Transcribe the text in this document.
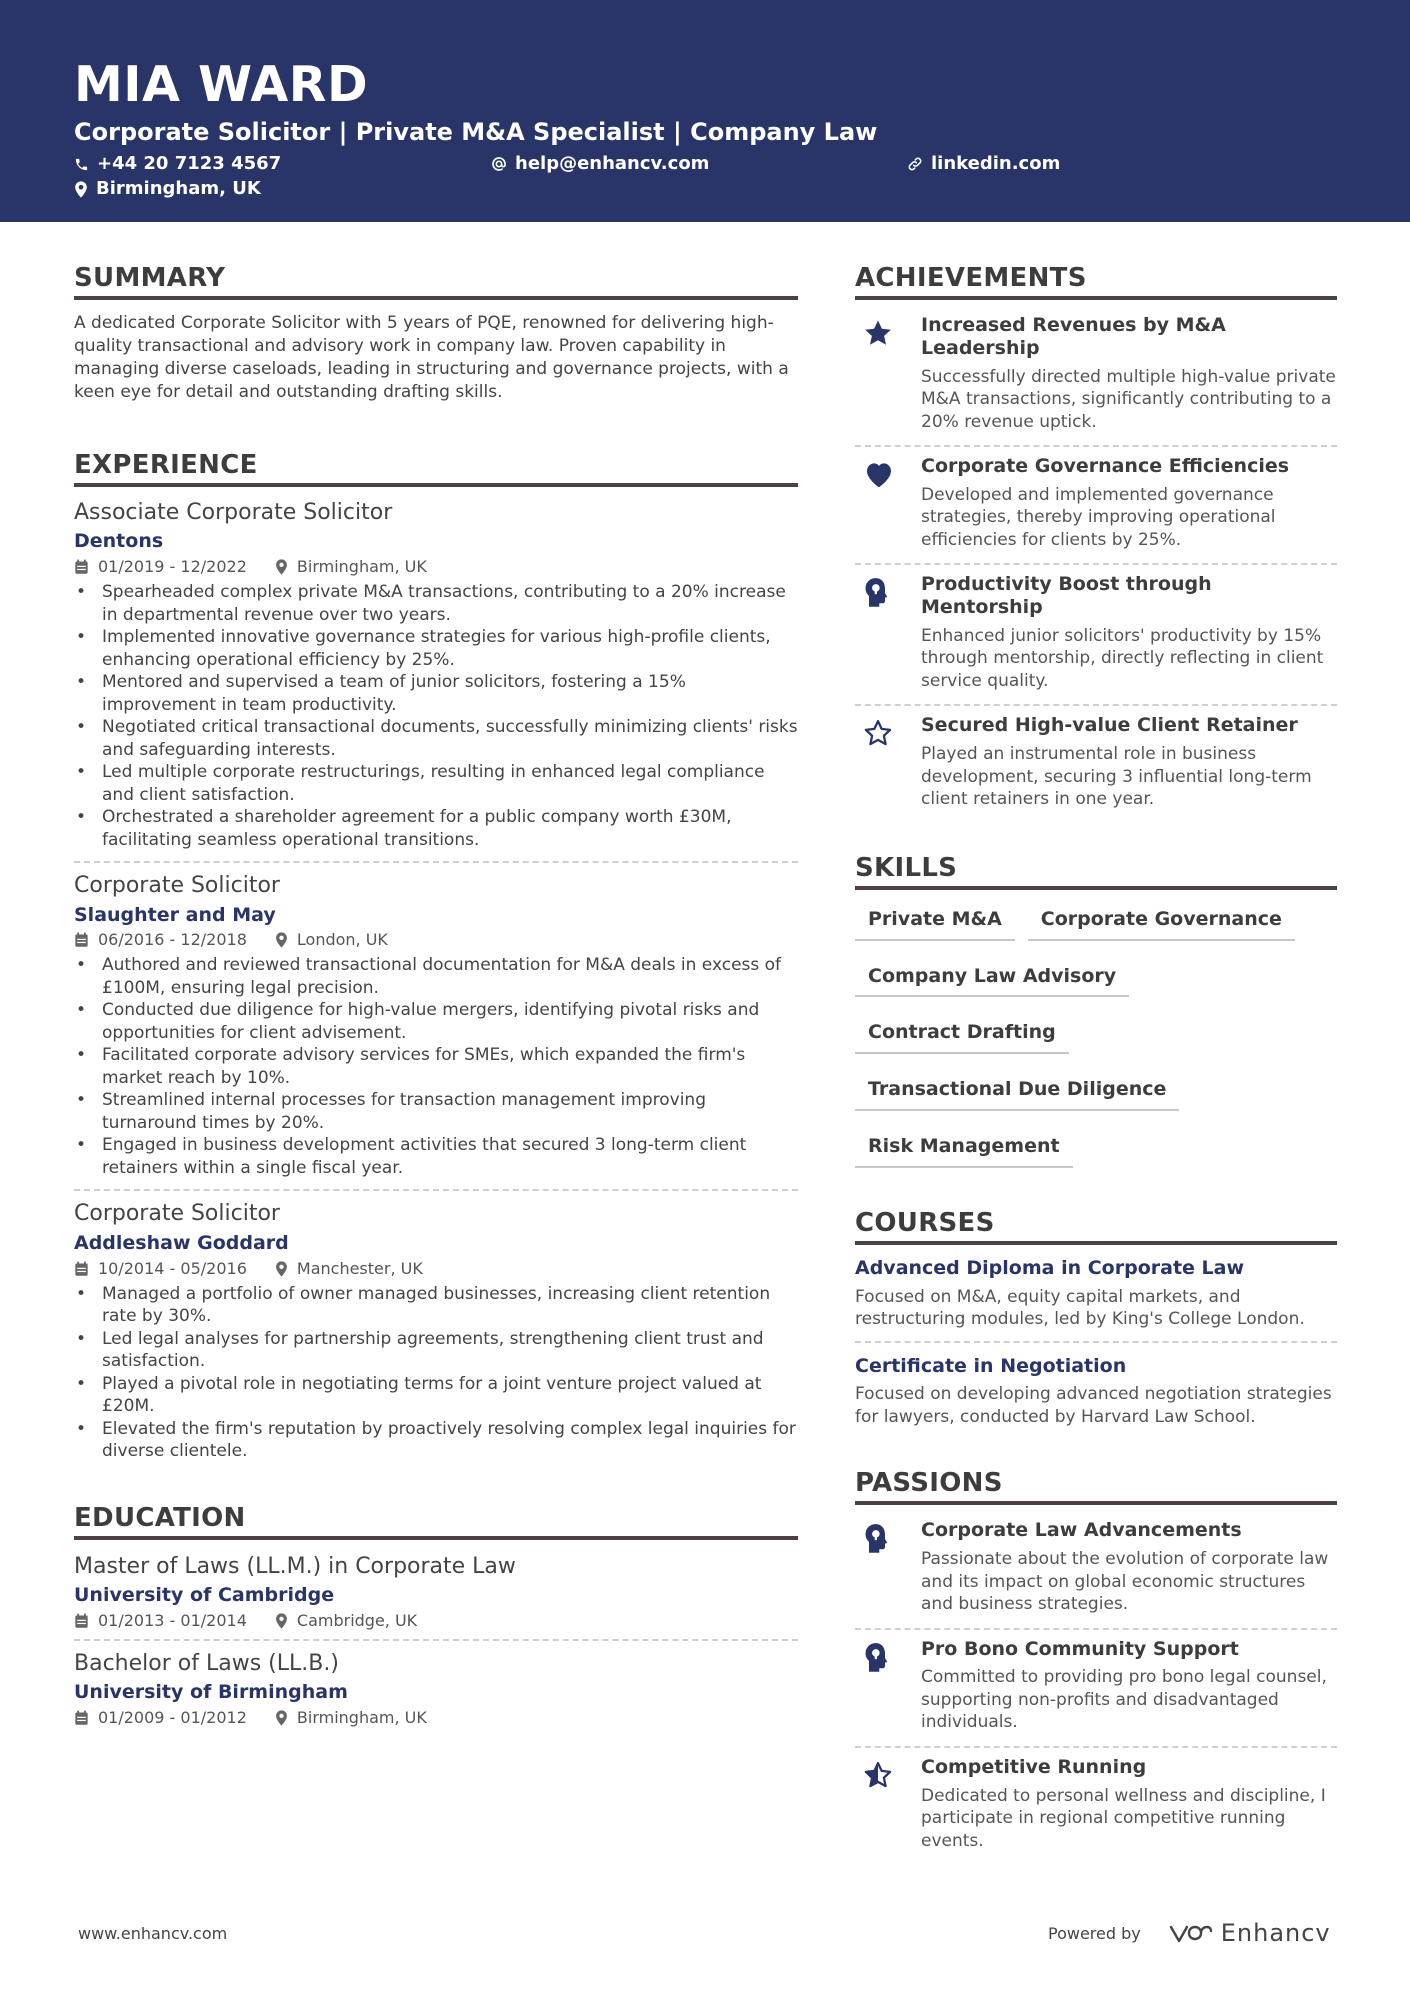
MIA WARD
Corporate Solicitor | Private M&A Specialist | Company Law
+44 20 7123 4567	help@enhancv.com	linkedin.com
Birmingham, UK
SUMMARY
A dedicated Corporate Solicitor with 5 years of PQE, renowned for delivering high-quality transactional and advisory work in company law. Proven capability in managing diverse caseloads, leading in structuring and governance projects, with a keen eye for detail and outstanding drafting skills.
EXPERIENCE
Associate Corporate Solicitor
Dentons
01/2019 - 12/2022	Birmingham, UK
• Spearheaded complex private M&A transactions, contributing to a 20% increase in departmental revenue over two years.
• Implemented innovative governance strategies for various high-profile clients, enhancing operational efficiency by 25%.
• Mentored and supervised a team of junior solicitors, fostering a 15% improvement in team productivity.
• Negotiated critical transactional documents, successfully minimizing clients' risks and safeguarding interests.
• Led multiple corporate restructurings, resulting in enhanced legal compliance and client satisfaction.
• Orchestrated a shareholder agreement for a public company worth £30M, facilitating seamless operational transitions.
Corporate Solicitor
Slaughter and May
06/2016 - 12/2018	London, UK
• Authored and reviewed transactional documentation for M&A deals in excess of £100M, ensuring legal precision.
• Conducted due diligence for high-value mergers, identifying pivotal risks and opportunities for client advisement.
• Facilitated corporate advisory services for SMEs, which expanded the firm's market reach by 10%.
• Streamlined internal processes for transaction management improving turnaround times by 20%.
• Engaged in business development activities that secured 3 long-term client retainers within a single fiscal year.
Corporate Solicitor
Addleshaw Goddard
10/2014 - 05/2016	Manchester, UK
• Managed a portfolio of owner managed businesses, increasing client retention rate by 30%.
• Led legal analyses for partnership agreements, strengthening client trust and satisfaction.
• Played a pivotal role in negotiating terms for a joint venture project valued at £20M.
• Elevated the firm's reputation by proactively resolving complex legal inquiries for diverse clientele.
EDUCATION
Master of Laws (LL.M.) in Corporate Law
University of Cambridge
01/2013 - 01/2014	Cambridge, UK
Bachelor of Laws (LL.B.)
University of Birmingham
01/2009 - 01/2012	Birmingham, UK
ACHIEVEMENTS
Increased Revenues by M&A Leadership
Successfully directed multiple high-value private M&A transactions, significantly contributing to a 20% revenue uptick.
Corporate Governance Efficiencies
Developed and implemented governance strategies, thereby improving operational efficiencies for clients by 25%.
Productivity Boost through Mentorship
Enhanced junior solicitors' productivity by 15% through mentorship, directly reflecting in client service quality.
Secured High-value Client Retainer
Played an instrumental role in business development, securing 3 influential long-term client retainers in one year.
SKILLS
Private M&A Corporate Governance
Company Law AdvisoryContract Drafting
Transactional Due Diligence
Risk Management
COURSES
Advanced Diploma in Corporate Law
Focused on M&A, equity capital markets, and restructuring modules, led by King's College London.
Certificate in Negotiation
Focused on developing advanced negotiation strategies for lawyers, conducted by Harvard Law School.
PASSIONS
Corporate Law Advancements
Passionate about the evolution of corporate law and its impact on global economic structures and business strategies.
Pro Bono Community Support
Committed to providing pro bono legal counsel, supporting non-profits and disadvantaged individuals.
Competitive Running
Dedicated to personal wellness and discipline, I participate in regional competitive running events.
www.enhancv.com	Powered by	Enhancv
